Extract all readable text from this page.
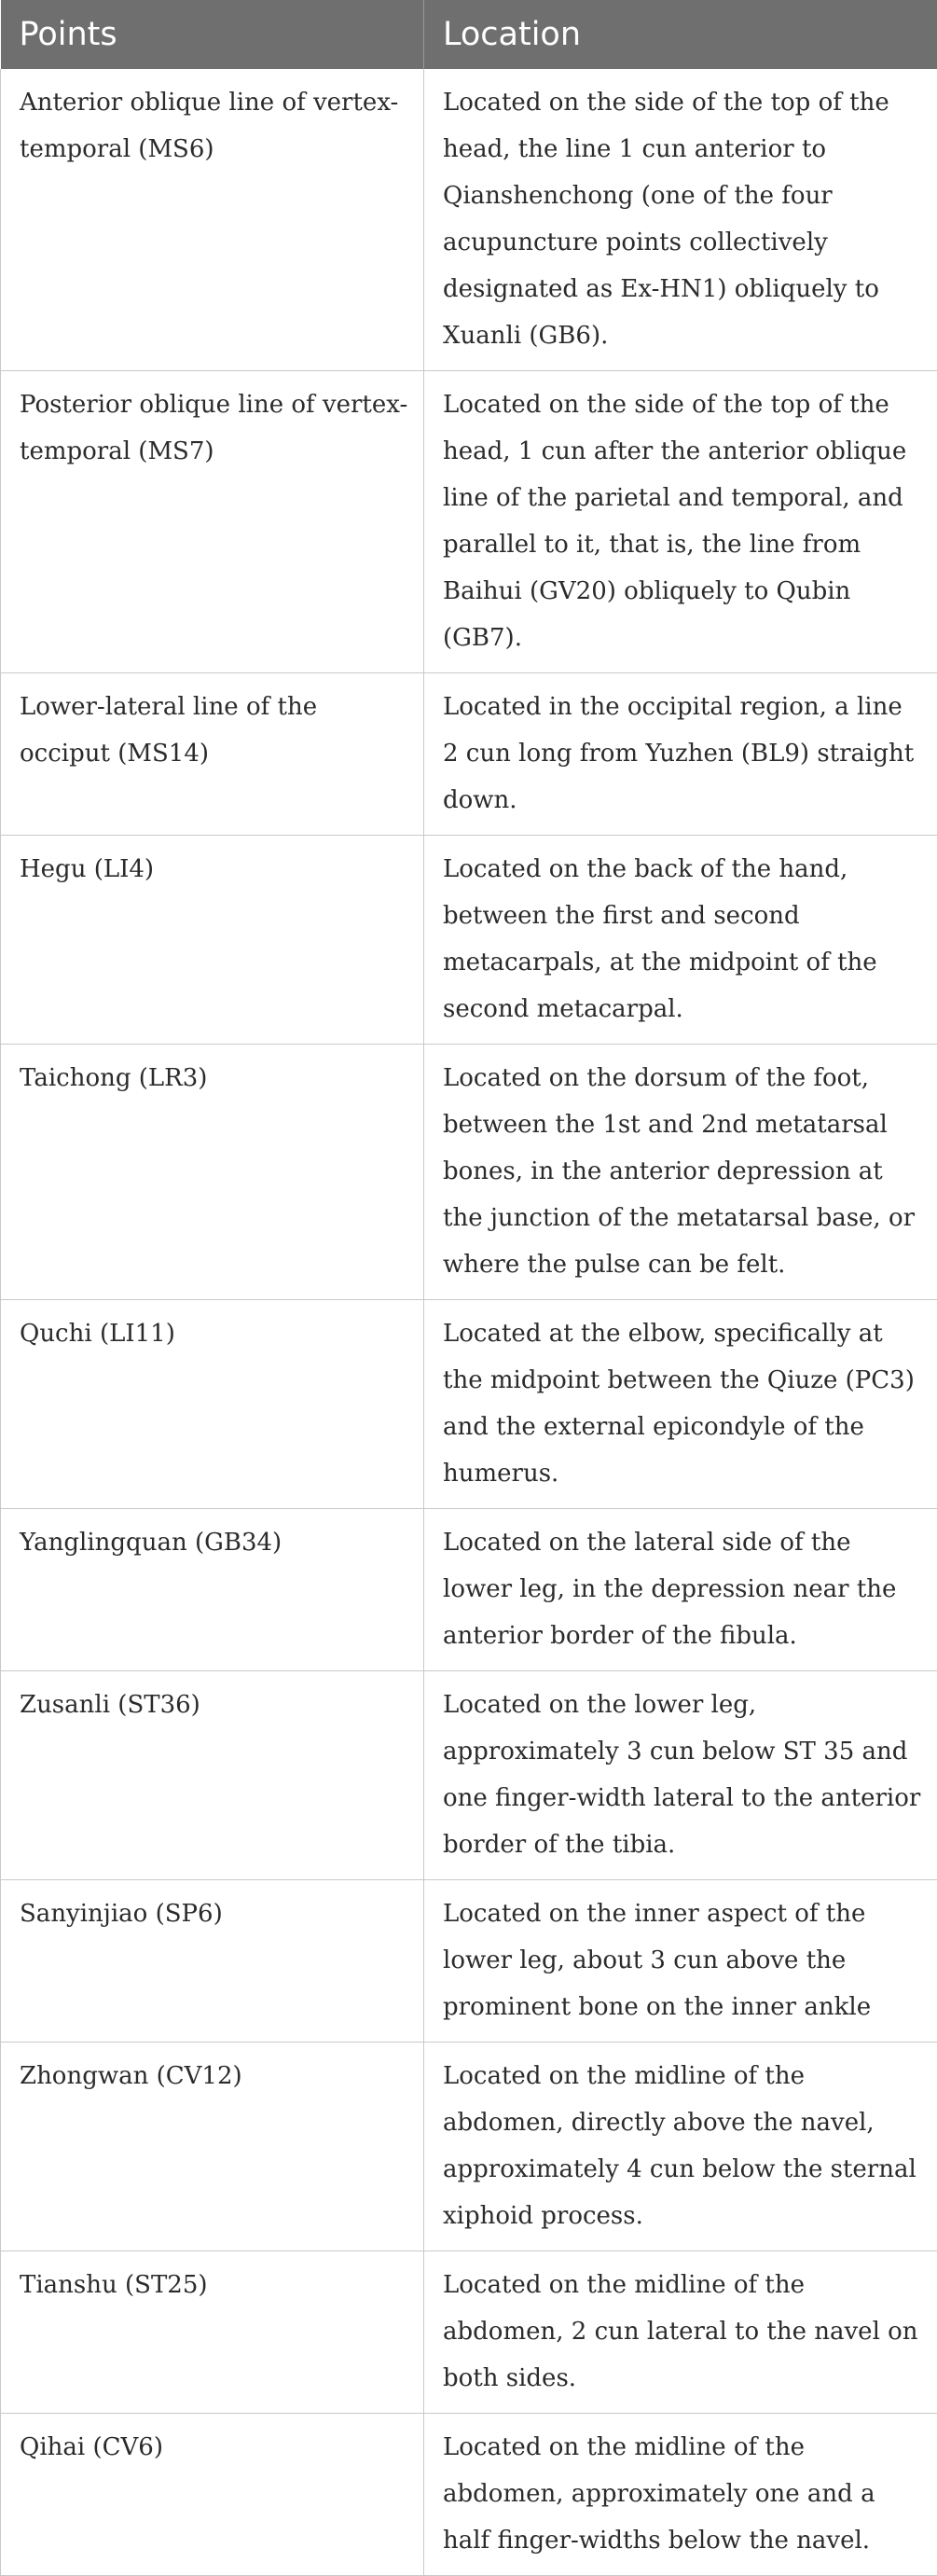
Points	Location
Anterior oblique line of vertex-temporal (MS6)	Located on the side of the top of the head, the line 1 cun anterior to Qianshenchong (one of the four acupuncture points collectively designated as Ex-HN1) obliquely to Xuanli (GB6).
Posterior oblique line of vertex-temporal (MS7)	Located on the side of the top of the head, 1 cun after the anterior oblique line of the parietal and temporal, and parallel to it, that is, the line from Baihui (GV20) obliquely to Qubin (GB7).
Lower-lateral line of the occiput (MS14)	Located in the occipital region, a line 2 cun long from Yuzhen (BL9) straight down.
Hegu (LI4)	Located on the back of the hand, between the first and second metacarpals, at the midpoint of the second metacarpal.
Taichong (LR3)	Located on the dorsum of the foot, between the 1st and 2nd metatarsal bones, in the anterior depression at the junction of the metatarsal base, or where the pulse can be felt.
Quchi (LI11)	Located at the elbow, specifically at the midpoint between the Qiuze (PC3) and the external epicondyle of the humerus.
Yanglingquan (GB34)	Located on the lateral side of the lower leg, in the depression near the anterior border of the fibula.
Zusanli (ST36)	Located on the lower leg, approximately 3 cun below ST 35 and one finger-width lateral to the anterior border of the tibia.
Sanyinjiao (SP6)	Located on the inner aspect of the lower leg, about 3 cun above the prominent bone on the inner ankle
Zhongwan (CV12)	Located on the midline of the abdomen, directly above the navel, approximately 4 cun below the sternal xiphoid process.
Tianshu (ST25)	Located on the midline of the abdomen, 2 cun lateral to the navel on both sides.
Qihai (CV6)	Located on the midline of the abdomen, approximately one and a half finger-widths below the navel.
